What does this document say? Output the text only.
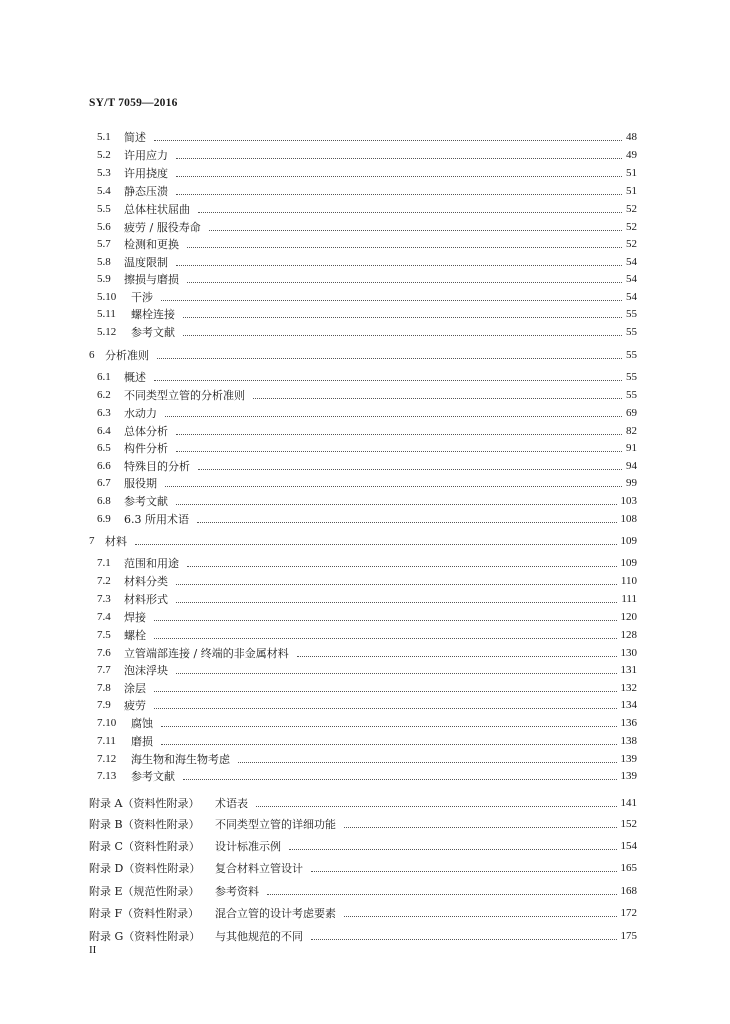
SY/T 7059—2016
5.1 简述	48
5.2 许用应力	49
5.3 许用挠度	51
5.4 静态压溃	51
5.5 总体柱状屈曲	52
5.6 疲劳 / 服役寿命	52
5.7 检测和更换	52
5.8 温度限制	54
5.9 擦损与磨损	54
5.10 干涉	54
5.11 螺栓连接	55
5.12 参考文献	55
6 分析准则	55
6.1 概述	55
6.2 不同类型立管的分析准则	55
6.3 水动力	69
6.4 总体分析	82
6.5 构件分析	91
6.6 特殊目的分析	94
6.7 服役期	99
6.8 参考文献	103
6.9 6.3 所用术语	108
7 材料	109
7.1 范围和用途	109
7.2 材料分类	110
7.3 材料形式	111
7.4 焊接	120
7.5 螺栓	128
7.6 立管端部连接 / 终端的非金属材料	130
7.7 泡沫浮块	131
7.8 涂层	132
7.9 疲劳	134
7.10 腐蚀	136
7.11 磨损	138
7.12 海生物和海生物考虑	139
7.13 参考文献	139
附录 A（资料性附录） 术语表	141
附录 B（资料性附录） 不同类型立管的详细功能	152
附录 C（资料性附录） 设计标准示例	154
附录 D（资料性附录） 复合材料立管设计	165
附录 E（规范性附录） 参考资料	168
附录 F（资料性附录） 混合立管的设计考虑要素	172
附录 G（资料性附录） 与其他规范的不同	175
II
